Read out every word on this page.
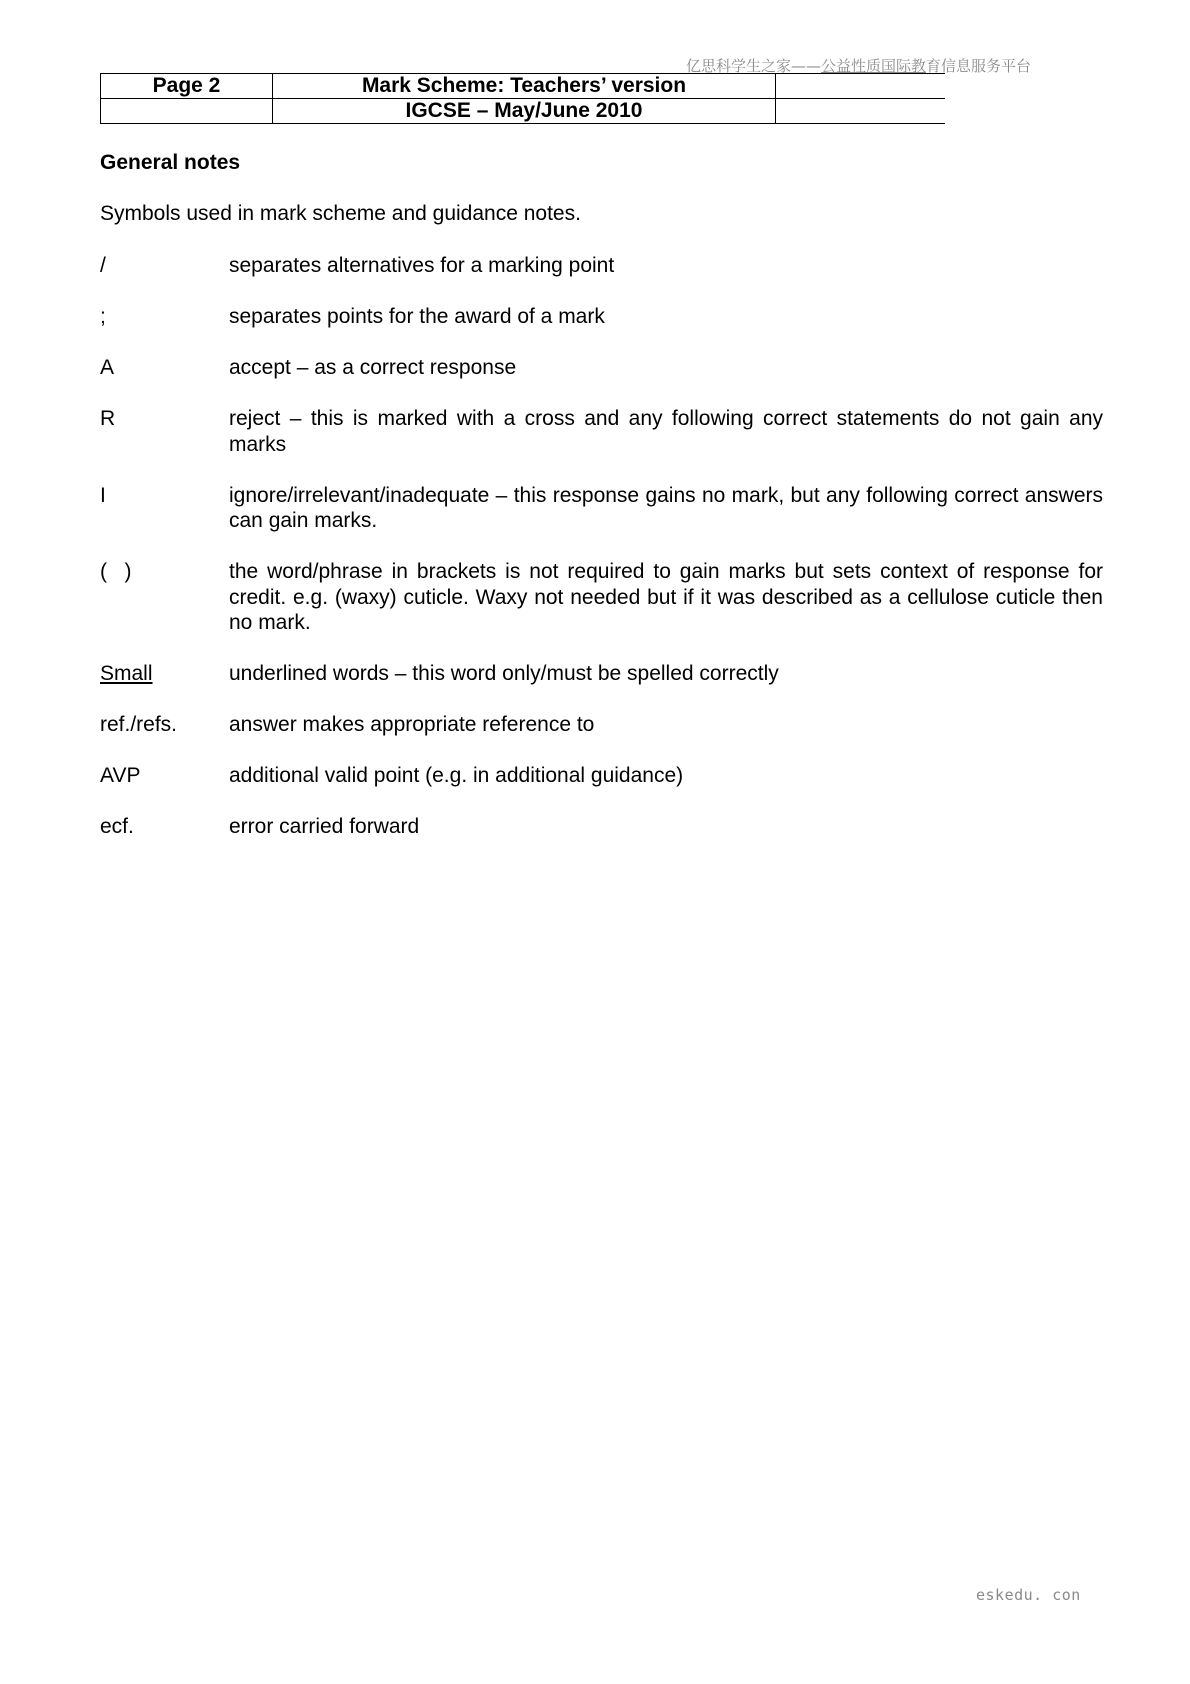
亿思科学生之家——公益性质国际教育信息服务平台
Page 2	Mark Scheme: Teachers’ version	
	IGCSE – May/June 2010	
General notes
Symbols used in mark scheme and guidance notes.
/	separates alternatives for a marking point
;	separates points for the award of a mark
A	accept – as a correct response
R	reject – this is marked with a cross and any following correct statements do not gain any marks
I	ignore/irrelevant/inadequate – this response gains no mark, but any following correct answers can gain marks.
(   )	the word/phrase in brackets is not required to gain marks but sets context of response for credit. e.g. (waxy) cuticle. Waxy not needed but if it was described as a cellulose cuticle then no mark.
Small	underlined words – this word only/must be spelled correctly
ref./refs.	answer makes appropriate reference to
AVP	additional valid point (e.g. in additional guidance)
ecf.	error carried forward
eskedu. con
